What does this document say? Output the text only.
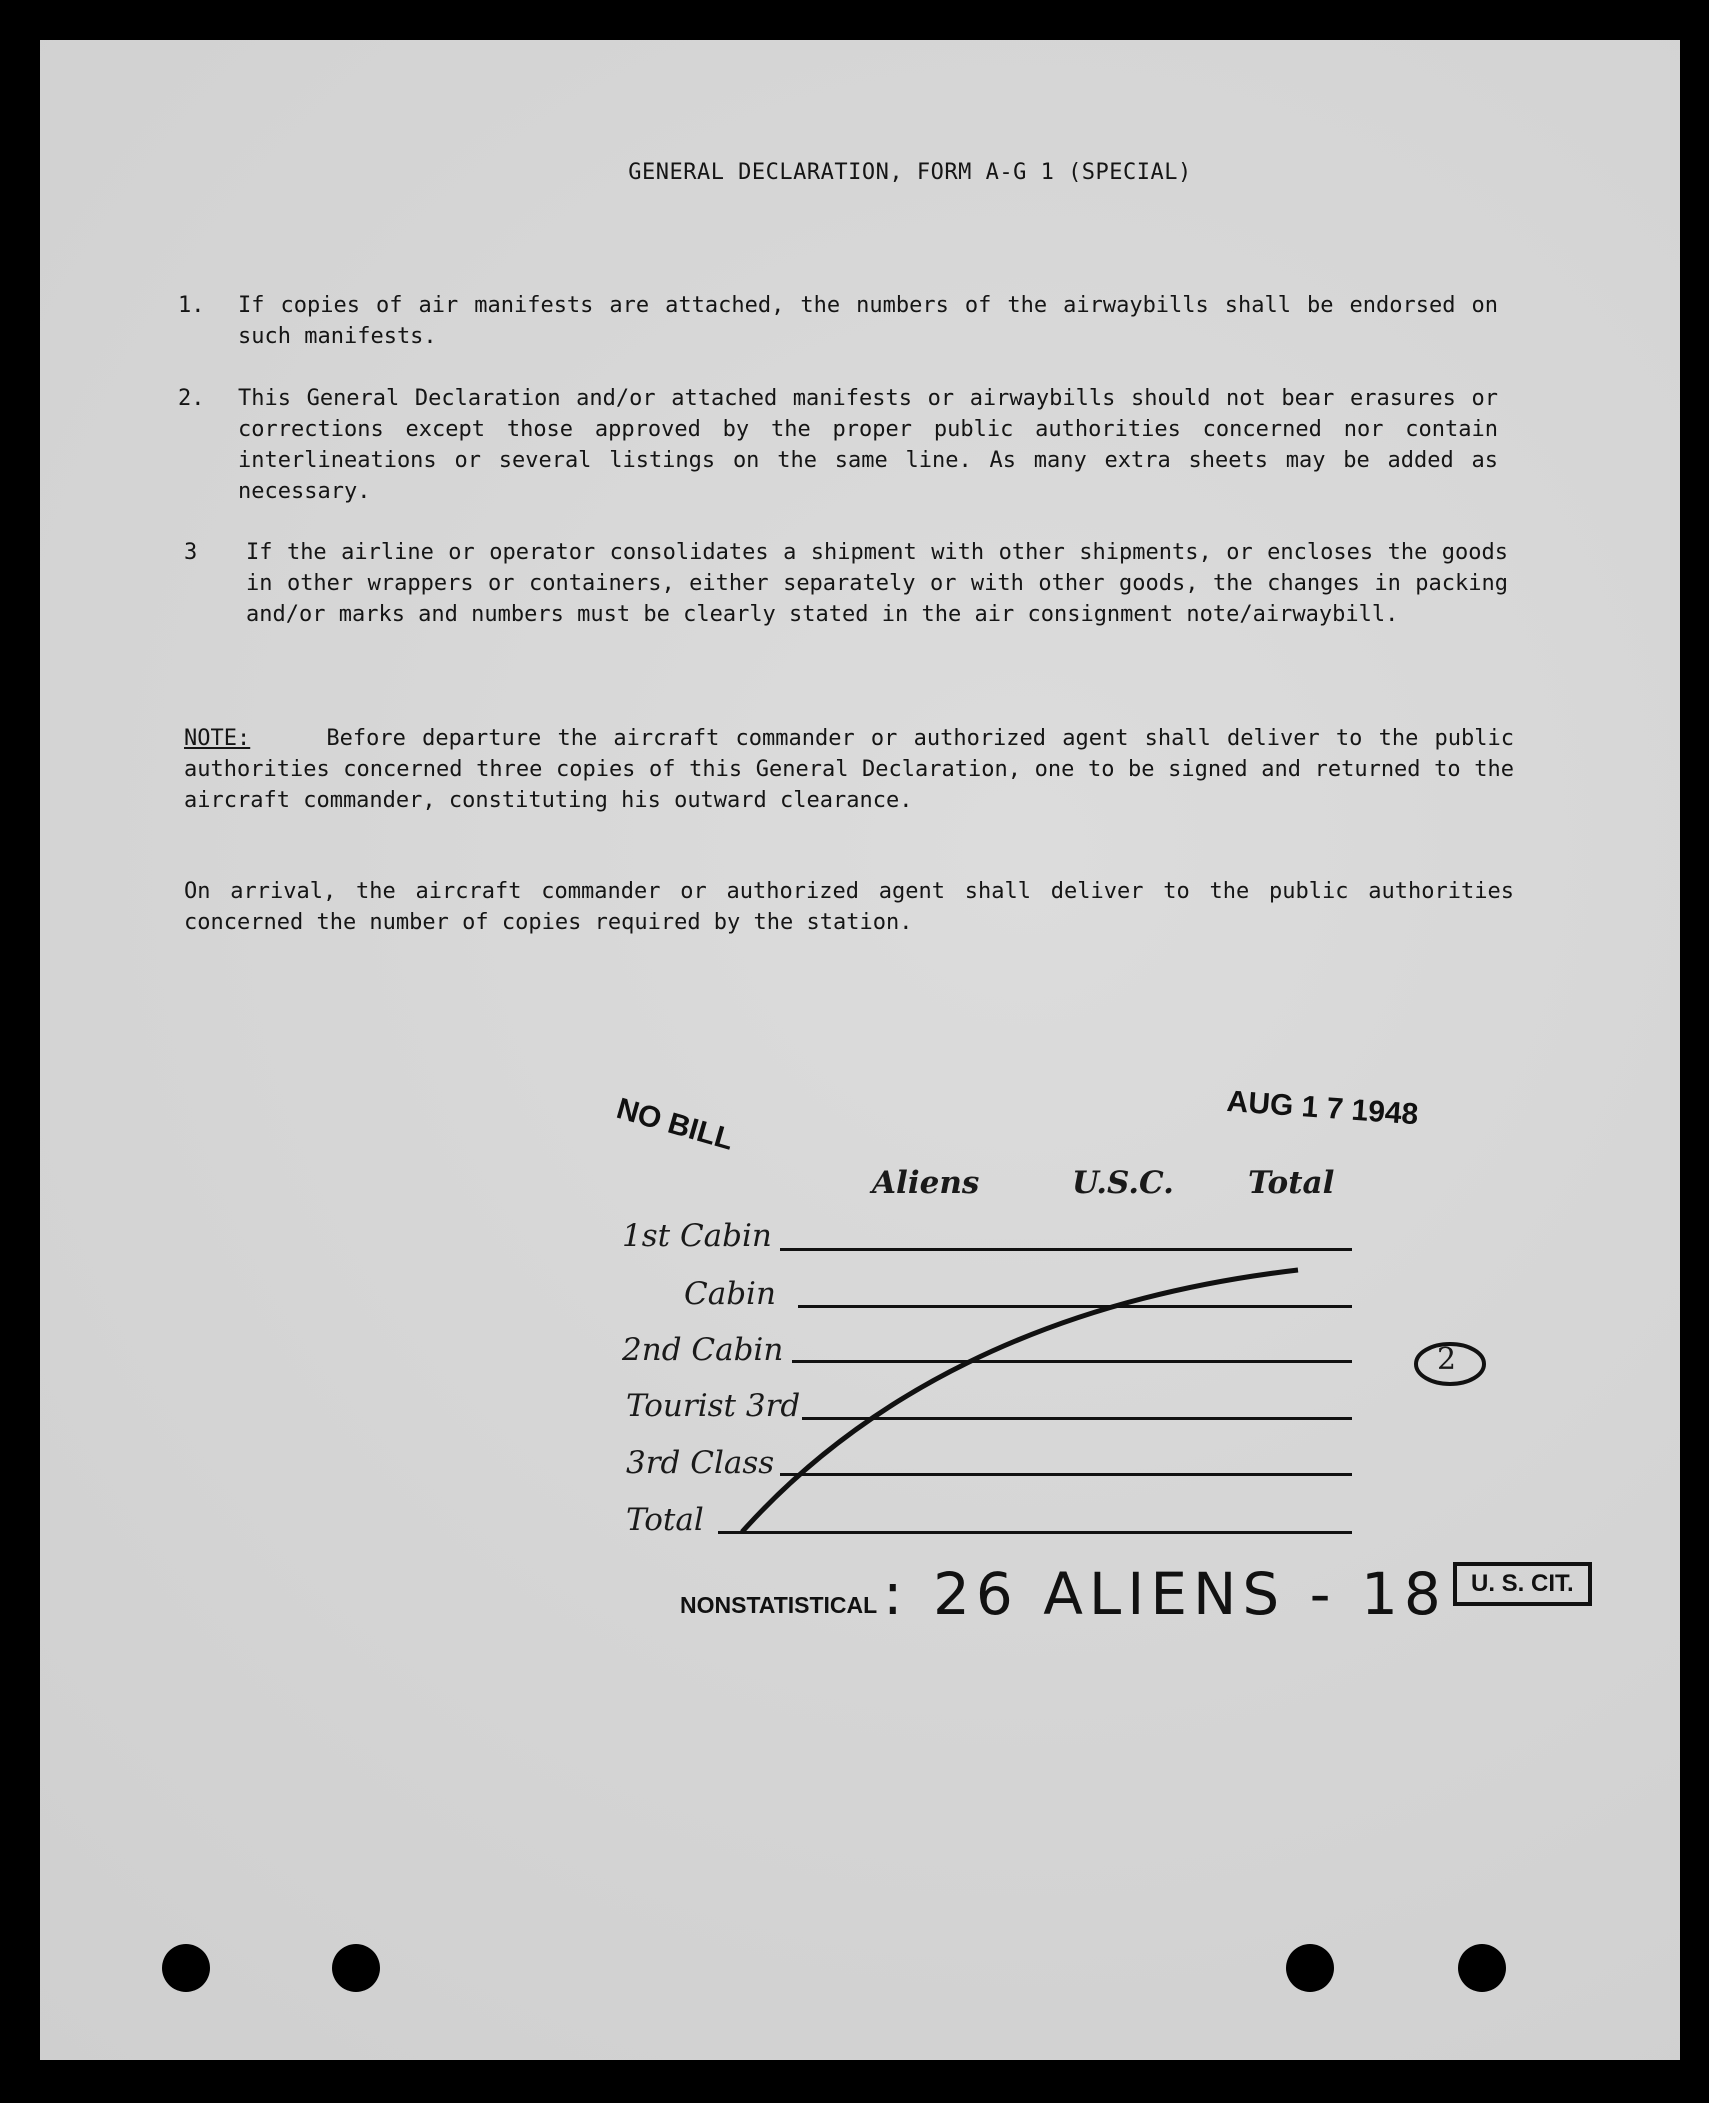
GENERAL DECLARATION, FORM A-G 1 (SPECIAL)
1. If copies of air manifests are attached, the numbers of the airwaybills shall be endorsed on such manifests.
2. This General Declaration and/or attached manifests or airwaybills should not bear erasures or corrections except those approved by the proper public authorities concerned nor contain interlineations or several listings on the same line. As many extra sheets may be added as necessary.
3 If the airline or operator consolidates a shipment with other shipments, or encloses the goods in other wrappers or containers, either separately or with other goods, the changes in packing and/or marks and numbers must be clearly stated in the air consignment note/airwaybill.
NOTE:	Before departure the aircraft commander or authorized agent shall deliver to the public authorities concerned three copies of this General Declaration, one to be signed and returned to the aircraft commander, constituting his outward clearance.
On arrival, the aircraft commander or authorized agent shall deliver to the public authorities concerned the number of copies required by the station.
NO BILL	AUG 1 7 1948
Aliens	U.S.C. Total
1st Cabin
Cabin
2nd Cabin
Tourist 3rd
3rd Class
Total
2
NONSTATISTICAL : 26 ALIENS - 18	U. S. CIT.
